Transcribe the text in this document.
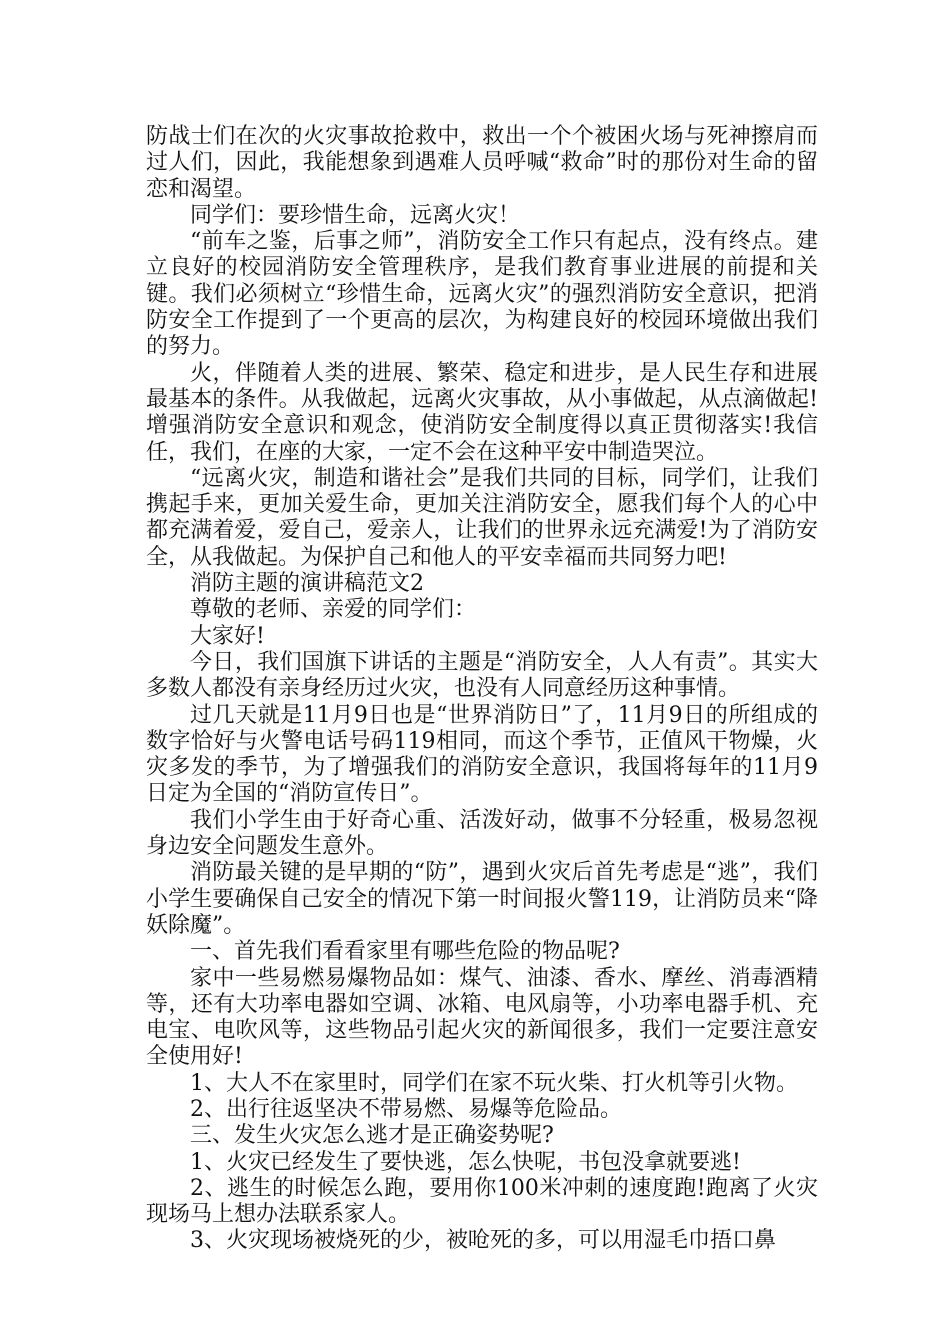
防战士们在次的火灾事故抢救中，救出一个个被困火场与死神擦肩而过人们，因此，我能想象到遇难人员呼喊“救命”时的那份对生命的留恋和渴望。

同学们：要珍惜生命，远离火灾！

“前车之鉴，后事之师”，消防安全工作只有起点，没有终点。建立良好的校园消防安全管理秩序，是我们教育事业进展的前提和关键。我们必须树立“珍惜生命，远离火灾”的强烈消防安全意识，把消防安全工作提到了一个更高的层次，为构建良好的校园环境做出我们的努力。

火，伴随着人类的进展、繁荣、稳定和进步，是人民生存和进展最基本的条件。从我做起，远离火灾事故，从小事做起，从点滴做起!增强消防安全意识和观念，使消防安全制度得以真正贯彻落实!我信任，我们，在座的大家，一定不会在这种平安中制造哭泣。

“远离火灾，制造和谐社会”是我们共同的目标，同学们，让我们携起手来，更加关爱生命，更加关注消防安全，愿我们每个人的心中都充满着爱，爱自己，爱亲人，让我们的世界永远充满爱!为了消防安全，从我做起。为保护自己和他人的平安幸福而共同努力吧!

消防主题的演讲稿范文2

尊敬的老师、亲爱的同学们：

大家好!

今日，我们国旗下讲话的主题是“消防安全，人人有责”。其实大多数人都没有亲身经历过火灾，也没有人同意经历这种事情。

过几天就是11月9日也是“世界消防日”了，11月9日的所组成的数字恰好与火警电话号码119相同，而这个季节，正值风干物燥，火灾多发的季节，为了增强我们的消防安全意识，我国将每年的11月9日定为全国的“消防宣传日”。

我们小学生由于好奇心重、活泼好动，做事不分轻重，极易忽视身边安全问题发生意外。

消防最关键的是早期的“防”，遇到火灾后首先考虑是“逃”，我们小学生要确保自己安全的情况下第一时间报火警119，让消防员来“降妖除魔”。

一、首先我们看看家里有哪些危险的物品呢?

家中一些易燃易爆物品如：煤气、油漆、香水、摩丝、消毒酒精等，还有大功率电器如空调、冰箱、电风扇等，小功率电器手机、充电宝、电吹风等，这些物品引起火灾的新闻很多，我们一定要注意安全使用好!

1、大人不在家里时，同学们在家不玩火柴、打火机等引火物。

2、出行往返坚决不带易燃、易爆等危险品。

三、发生火灾怎么逃才是正确姿势呢?

1、火灾已经发生了要快逃，怎么快呢，书包没拿就要逃!

2、逃生的时候怎么跑，要用你100米冲刺的速度跑!跑离了火灾现场马上想办法联系家人。

3、火灾现场被烧死的少，被呛死的多，可以用湿毛巾捂口鼻
